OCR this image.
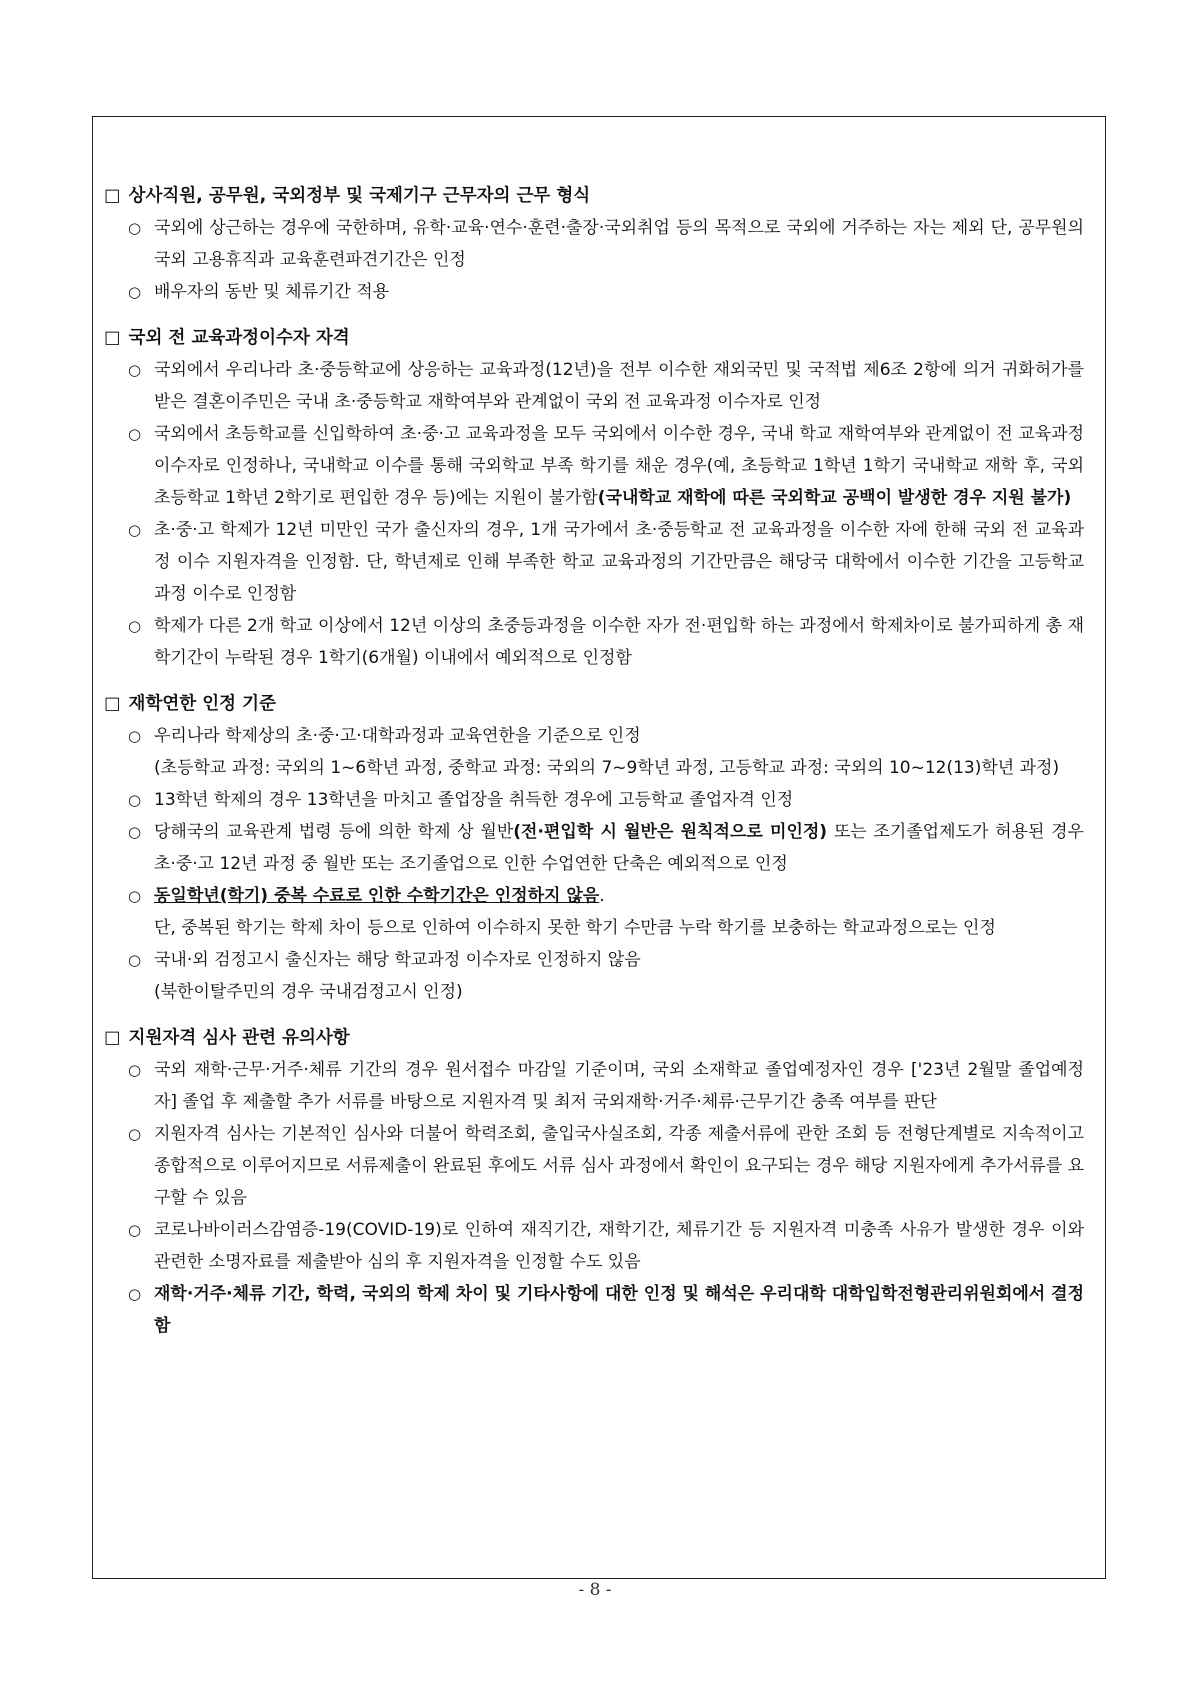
□ 상사직원, 공무원, 국외정부 및 국제기구 근무자의 근무 형식

○ 국외에 상근하는 경우에 국한하며, 유학·교육·연수·훈련·출장·국외취업 등의 목적으로 국외에 거주하는 자는 제외 단, 공무원의 국외 고용휴직과 교육훈련파견기간은 인정

○ 배우자의 동반 및 체류기간 적용

□ 국외 전 교육과정이수자 자격

○ 국외에서 우리나라 초·중등학교에 상응하는 교육과정(12년)을 전부 이수한 재외국민 및 국적법 제6조 2항에 의거 귀화허가를 받은 결혼이주민은 국내 초·중등학교 재학여부와 관계없이 국외 전 교육과정 이수자로 인정

○ 국외에서 초등학교를 신입학하여 초·중·고 교육과정을 모두 국외에서 이수한 경우, 국내 학교 재학여부와 관계없이 전 교육과정 이수자로 인정하나, 국내학교 이수를 통해 국외학교 부족 학기를 채운 경우(예, 초등학교 1학년 1학기 국내학교 재학 후, 국외 초등학교 1학년 2학기로 편입한 경우 등)에는 지원이 불가함(국내학교 재학에 따른 국외학교 공백이 발생한 경우 지원 불가)

○ 초·중·고 학제가 12년 미만인 국가 출신자의 경우, 1개 국가에서 초·중등학교 전 교육과정을 이수한 자에 한해 국외 전 교육과정 이수 지원자격을 인정함. 단, 학년제로 인해 부족한 학교 교육과정의 기간만큼은 해당국 대학에서 이수한 기간을 고등학교 과정 이수로 인정함

○ 학제가 다른 2개 학교 이상에서 12년 이상의 초중등과정을 이수한 자가 전·편입학 하는 과정에서 학제차이로 불가피하게 총 재학기간이 누락된 경우 1학기(6개월) 이내에서 예외적으로 인정함

□ 재학연한 인정 기준

○ 우리나라 학제상의 초·중·고·대학과정과 교육연한을 기준으로 인정

(초등학교 과정: 국외의 1~6학년 과정, 중학교 과정: 국외의 7~9학년 과정, 고등학교 과정: 국외의 10~12(13)학년 과정)

○ 13학년 학제의 경우 13학년을 마치고 졸업장을 취득한 경우에 고등학교 졸업자격 인정

○ 당해국의 교육관계 법령 등에 의한 학제 상 월반(전·편입학 시 월반은 원칙적으로 미인정) 또는 조기졸업제도가 허용된 경우 초·중·고 12년 과정 중 월반 또는 조기졸업으로 인한 수업연한 단축은 예외적으로 인정

○ 동일학년(학기) 중복 수료로 인한 수학기간은 인정하지 않음.

단, 중복된 학기는 학제 차이 등으로 인하여 이수하지 못한 학기 수만큼 누락 학기를 보충하는 학교과정으로는 인정

○ 국내·외 검정고시 출신자는 해당 학교과정 이수자로 인정하지 않음

(북한이탈주민의 경우 국내검정고시 인정)

□ 지원자격 심사 관련 유의사항

○ 국외 재학·근무·거주·체류 기간의 경우 원서접수 마감일 기준이며, 국외 소재학교 졸업예정자인 경우 ['23년 2월말 졸업예정자] 졸업 후 제출할 추가 서류를 바탕으로 지원자격 및 최저 국외재학·거주·체류·근무기간 충족 여부를 판단

○ 지원자격 심사는 기본적인 심사와 더불어 학력조회, 출입국사실조회, 각종 제출서류에 관한 조회 등 전형단계별로 지속적이고 종합적으로 이루어지므로 서류제출이 완료된 후에도 서류 심사 과정에서 확인이 요구되는 경우 해당 지원자에게 추가서류를 요구할 수 있음

○ 코로나바이러스감염증-19(COVID-19)로 인하여 재직기간, 재학기간, 체류기간 등 지원자격 미충족 사유가 발생한 경우 이와 관련한 소명자료를 제출받아 심의 후 지원자격을 인정할 수도 있음

○ 재학·거주·체류 기간, 학력, 국외의 학제 차이 및 기타사항에 대한 인정 및 해석은 우리대학 대학입학전형관리위원회에서 결정함

- 8 -
